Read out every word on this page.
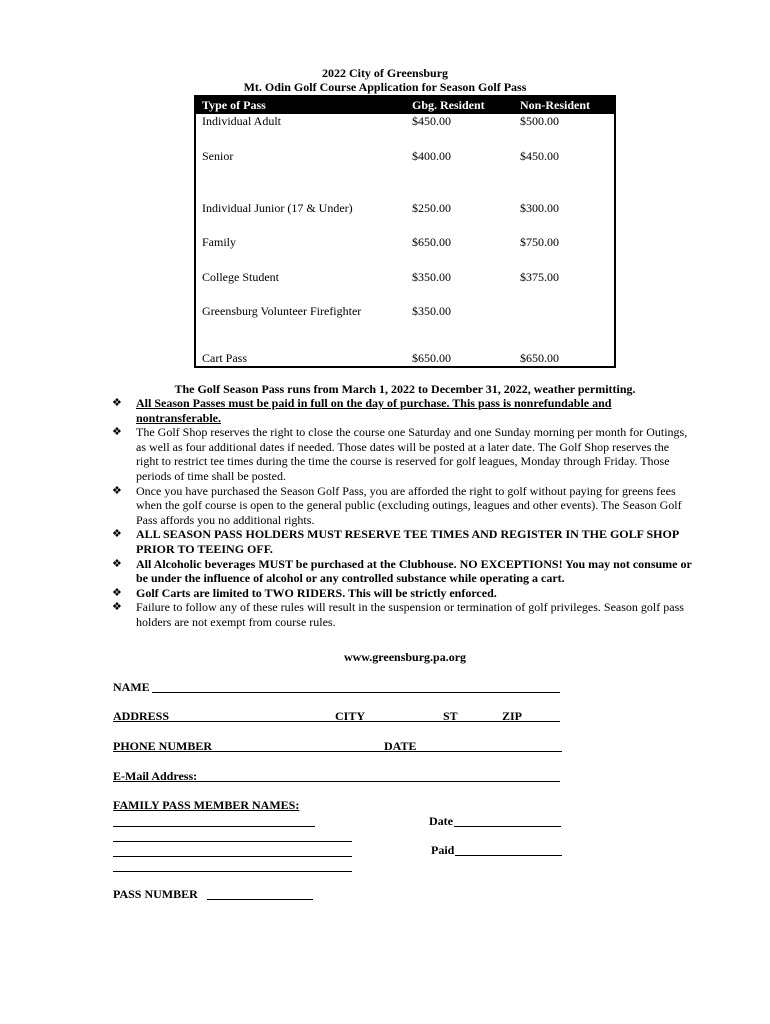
2022 City of Greensburg
Mt. Odin Golf Course Application for Season Golf Pass
Type of Pass	Gbg. Resident	Non-Resident
Individual Adult	$450.00	$500.00
Senior	$400.00	$450.00
Individual Junior (17 & Under)	$250.00	$300.00
Family	$650.00	$750.00
College Student	$350.00	$375.00
Greensburg Volunteer Firefighter	$350.00	
Cart Pass	$650.00	$650.00
The Golf Season Pass runs from March 1, 2022 to December 31, 2022, weather permitting.
❖ All Season Passes must be paid in full on the day of purchase. This pass is nonrefundable and nontransferable.
❖ The Golf Shop reserves the right to close the course one Saturday and one Sunday morning per month for Outings, as well as four additional dates if needed. Those dates will be posted at a later date. The Golf Shop reserves the right to restrict tee times during the time the course is reserved for golf leagues, Monday through Friday. Those periods of time shall be posted.
❖ Once you have purchased the Season Golf Pass, you are afforded the right to golf without paying for greens fees when the golf course is open to the general public (excluding outings, leagues and other events). The Season Golf Pass affords you no additional rights.
❖ ALL SEASON PASS HOLDERS MUST RESERVE TEE TIMES AND REGISTER IN THE GOLF SHOP PRIOR TO TEEING OFF.
❖ All Alcoholic beverages MUST be purchased at the Clubhouse. NO EXCEPTIONS! You may not consume or be under the influence of alcohol or any controlled substance while operating a cart.
❖ Golf Carts are limited to TWO RIDERS. This will be strictly enforced.
❖ Failure to follow any of these rules will result in the suspension or termination of golf privileges. Season golf pass holders are not exempt from course rules.
www.greensburg.pa.org
NAME
ADDRESS	CITY	ST	ZIP
PHONE NUMBER	DATE
E-Mail Address:
FAMILY PASS MEMBER NAMES:
Date
Paid
PASS NUMBER
